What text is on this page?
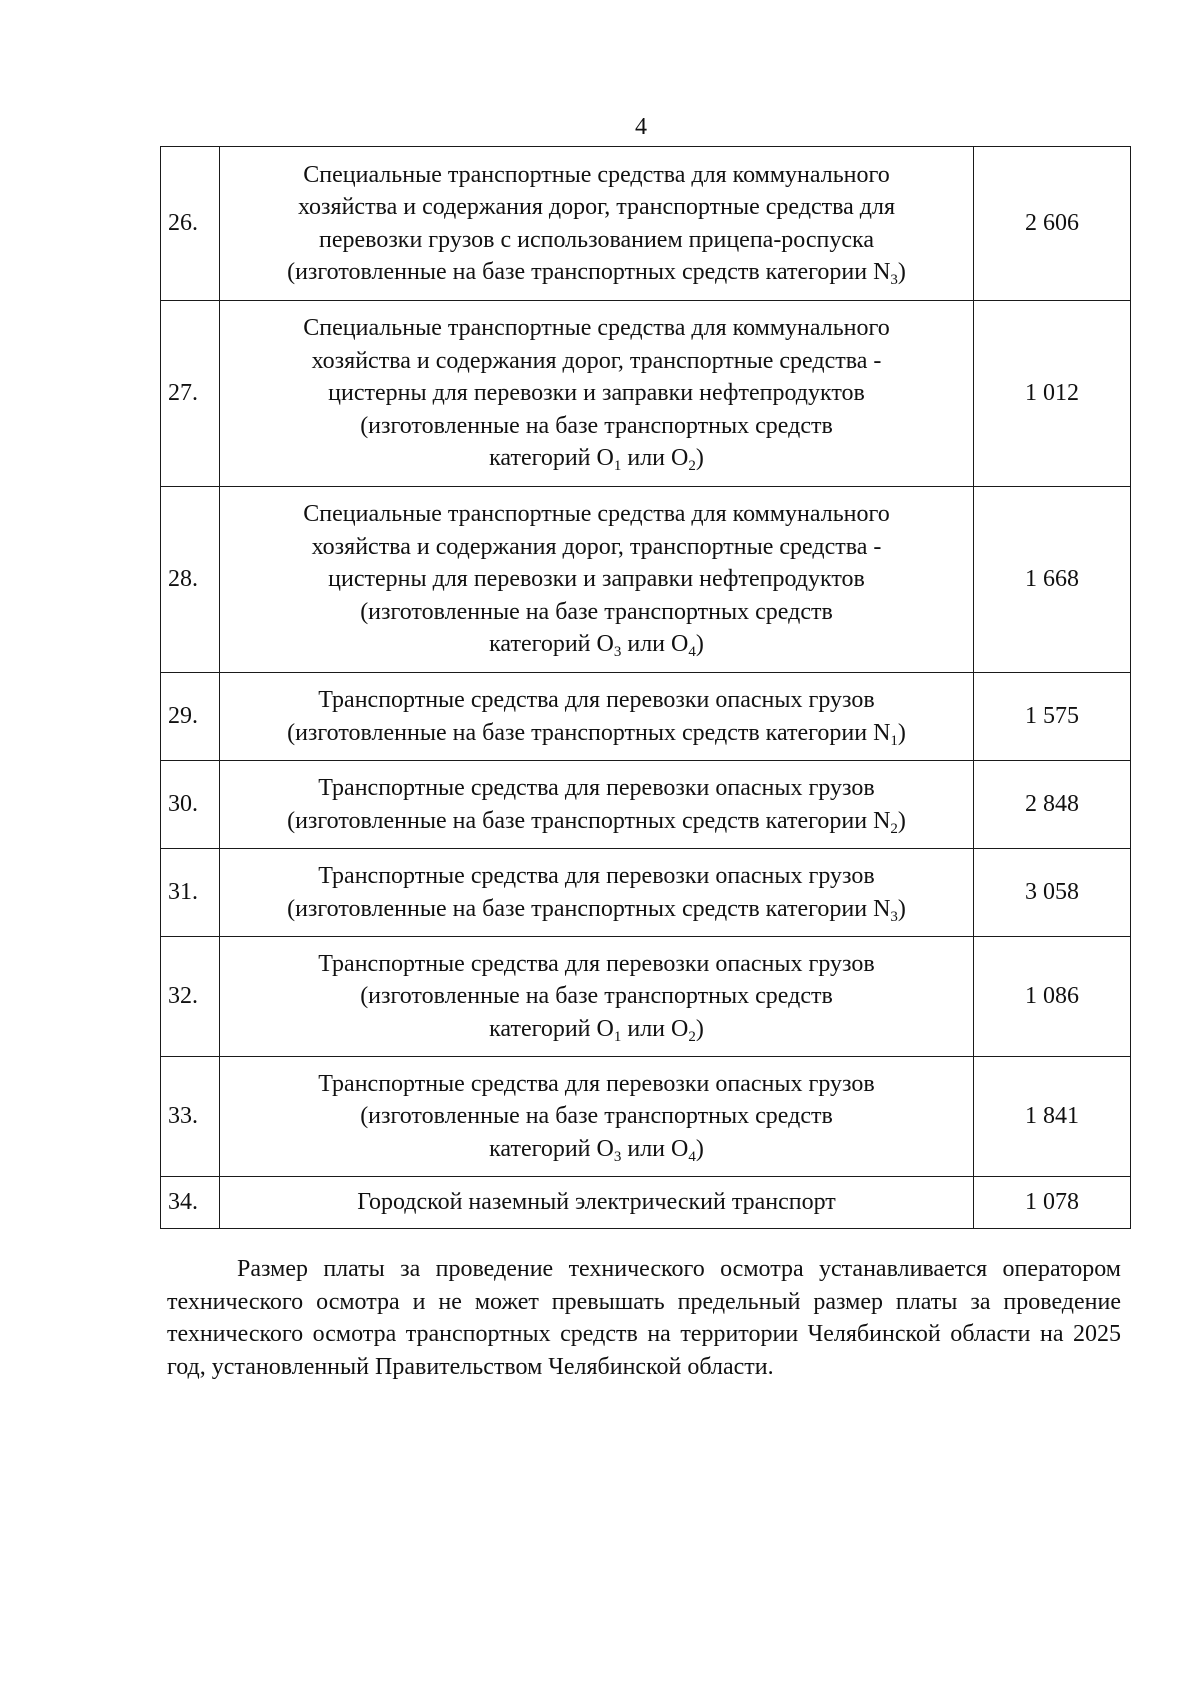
4
26.	Специальные транспортные средства для коммунального
хозяйства и содержания дорог, транспортные средства для
перевозки грузов с использованием прицепа-роспуска
(изготовленные на базе транспортных средств категории $N_3$)	2 606
27.	Специальные транспортные средства для коммунального
хозяйства и содержания дорог, транспортные средства -
цистерны для перевозки и заправки нефтепродуктов
(изготовленные на базе транспортных средств
категорий $O_1$ или $O_2$)	1 012
28.	Специальные транспортные средства для коммунального
хозяйства и содержания дорог, транспортные средства -
цистерны для перевозки и заправки нефтепродуктов
(изготовленные на базе транспортных средств
категорий $O_3$ или $O_4$)	1 668
29.	Транспортные средства для перевозки опасных грузов
(изготовленные на базе транспортных средств категории $N_1$)	1 575
30.	Транспортные средства для перевозки опасных грузов
(изготовленные на базе транспортных средств категории $N_2$)	2 848
31.	Транспортные средства для перевозки опасных грузов
(изготовленные на базе транспортных средств категории $N_3$)	3 058
32.	Транспортные средства для перевозки опасных грузов
(изготовленные на базе транспортных средств
категорий $O_1$ или $O_2$)	1 086
33.	Транспортные средства для перевозки опасных грузов
(изготовленные на базе транспортных средств
категорий $O_3$ или $O_4$)	1 841
34.	Городской наземный электрический транспорт	1 078

Размер платы за проведение технического осмотра устанавливается оператором технического осмотра и не может превышать предельный размер платы за проведение технического осмотра транспортных средств на территории Челябинской области на 2025 год, установленный Правительством Челябинской области.
